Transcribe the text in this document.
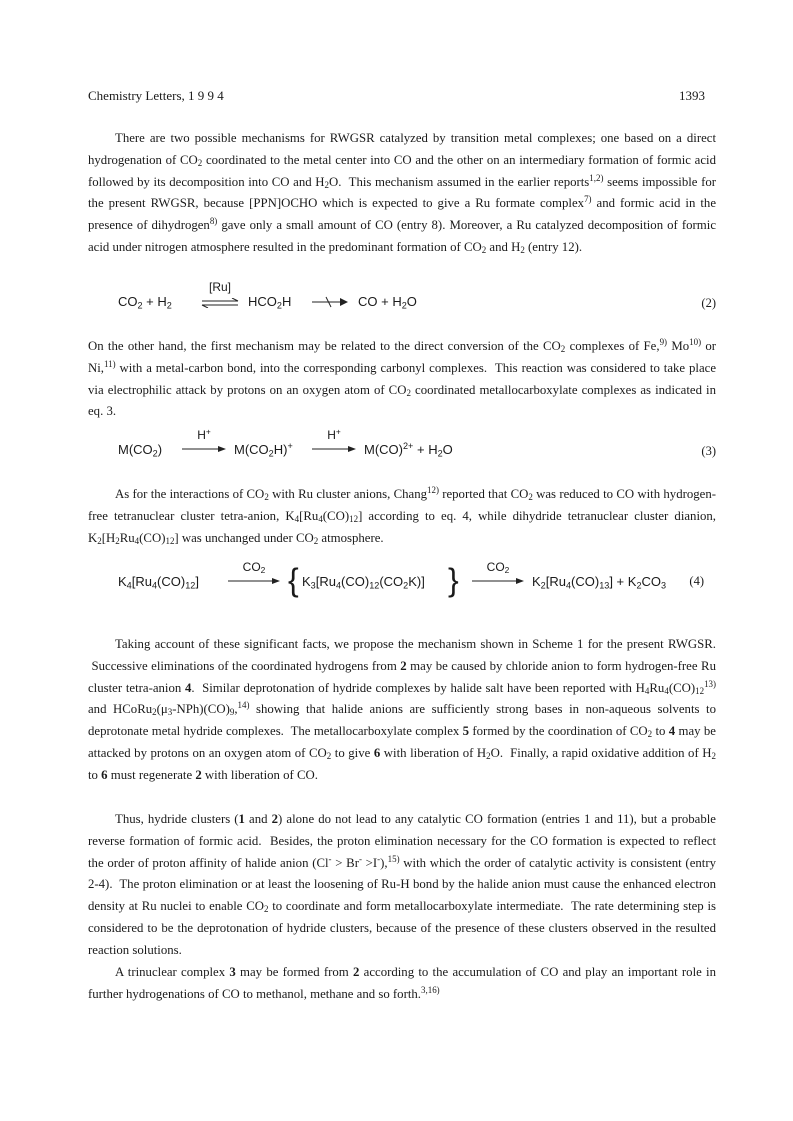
Chemistry Letters, 1 9 9 4	1393

There are two possible mechanisms for RWGSR catalyzed by transition metal complexes; one based on a direct hydrogenation of $CO_2$ coordinated to the metal center into CO and the other on an intermediary formation of formic acid followed by its decomposition into CO and $H_2O$.  This mechanism assumed in the earlier reports$^{1,2)}$ seems impossible for the present RWGSR, because [PPN]OCHO which is expected to give a Ru formate complex$^{7)}$ and formic acid in the presence of dihydrogen$^{8)}$ gave only a small amount of CO (entry 8). Moreover, a Ru catalyzed decomposition of formic acid under nitrogen atmosphere resulted in the predominant formation of $CO_2$ and $H_2$ (entry 12).

$CO_2 + H_2$
[Ru]
$HCO_2H$	CO + $H_2O$	(2)

On the other hand, the first mechanism may be related to the direct conversion of the $CO_2$ complexes of Fe,$^{9)}$ Mo$^{10)}$ or Ni,$^{11)}$ with a metal-carbon bond, into the corresponding carbonyl complexes.  This reaction was considered to take place via electrophilic attack by protons on an oxygen atom of $CO_2$ coordinated metallocarboxylate complexes as indicated in eq. 3.

$M(CO_2)$
H+
$M(CO_2H)^+$
H+
$M(CO)^{2+} + H_2O$	(3)

As for the interactions of $CO_2$ with Ru cluster anions, Chang$^{12)}$ reported that $CO_2$ was reduced to CO with hydrogen-free tetranuclear cluster tetra-anion, $K_4[Ru_4(CO)_{12}]$ according to eq. 4, while dihydride tetranuclear cluster dianion, $K_2[H_2Ru_4(CO)_{12}]$ was unchanged under $CO_2$ atmosphere.

$K_4[Ru_4(CO)_{12}]$
$CO_2$ { $K_3[Ru_4(CO)_{12}(CO_2K)]$ }	$CO_2$
$K_2[Ru_4(CO)_{13}] + K_2CO_3$ (4)

Taking account of these significant facts, we propose the mechanism shown in Scheme 1 for the present RWGSR.  Successive eliminations of the coordinated hydrogens from 2 may be caused by chloride anion to form hydrogen-free Ru cluster tetra-anion 4.  Similar deprotonation of hydride complexes by halide salt have been reported with $H_4Ru_4(CO)_{12}^{13)}$ and $HCoRu_2(\mu_3-NPh)(CO)_9,^{14)}$ showing that halide anions are sufficiently strong bases in non-aqueous solvents to deprotonate metal hydride complexes.  The metallocarboxylate complex 5 formed by the coordination of $CO_2$ to 4 may be attacked by protons on an oxygen atom of $CO_2$ to give 6 with liberation of $H_2O$.  Finally, a rapid oxidative addition of $H_2$ to 6 must regenerate 2 with liberation of CO.

Thus, hydride clusters (1 and 2) alone do not lead to any catalytic CO formation (entries 1 and 11), but a probable reverse formation of formic acid.  Besides, the proton elimination necessary for the CO formation is expected to reflect the order of proton affinity of halide anion (Cl- > Br- >I-),$^{15)}$ with which the order of catalytic activity is consistent (entry 2-4).  The proton elimination or at least the loosening of Ru-H bond by the halide anion must cause the enhanced electron density at Ru nuclei to enable $CO_2$ to coordinate and form metallocarboxylate intermediate.  The rate determining step is considered to be the deprotonation of hydride clusters, because of the presence of these clusters observed in the resulted reaction solutions.

A trinuclear complex 3 may be formed from 2 according to the accumulation of CO and play an important role in further hydrogenations of CO to methanol, methane and so forth.$^{3,16)}$
